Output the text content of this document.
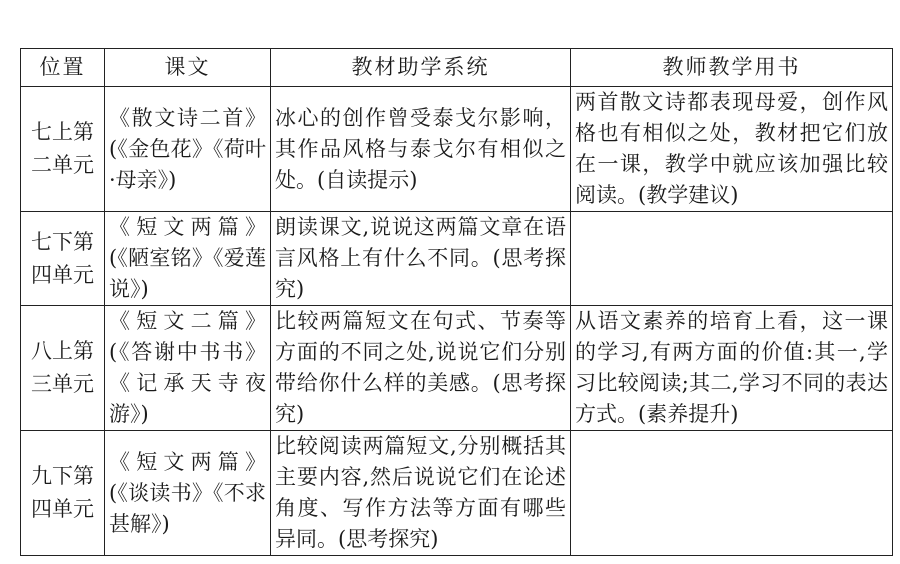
位置	课文	教材助学系统	教师教学用书
七上第二单元	《散文诗二首》(《金色花》《荷叶·母亲》)	冰心的创作曾受泰戈尔影响，其作品风格与泰戈尔有相似之处。(自读提示)	两首散文诗都表现母爱，创作风格也有相似之处，教材把它们放在一课，教学中就应该加强比较阅读。(教学建议)
七下第四单元	《短文两篇》(《陋室铭》《爱莲说》)	朗读课文,说说这两篇文章在语言风格上有什么不同。(思考探究)	
八上第三单元	《短文二篇》(《答谢中书书》《记承天寺夜游》)	比较两篇短文在句式、节奏等方面的不同之处,说说它们分别带给你什么样的美感。(思考探究)	从语文素养的培育上看，这一课的学习,有两方面的价值:其一,学习比较阅读;其二,学习不同的表达方式。(素养提升)
九下第四单元	《短文两篇》(《谈读书》《不求甚解》)	比较阅读两篇短文,分别概括其主要内容,然后说说它们在论述角度、写作方法等方面有哪些异同。(思考探究)	
